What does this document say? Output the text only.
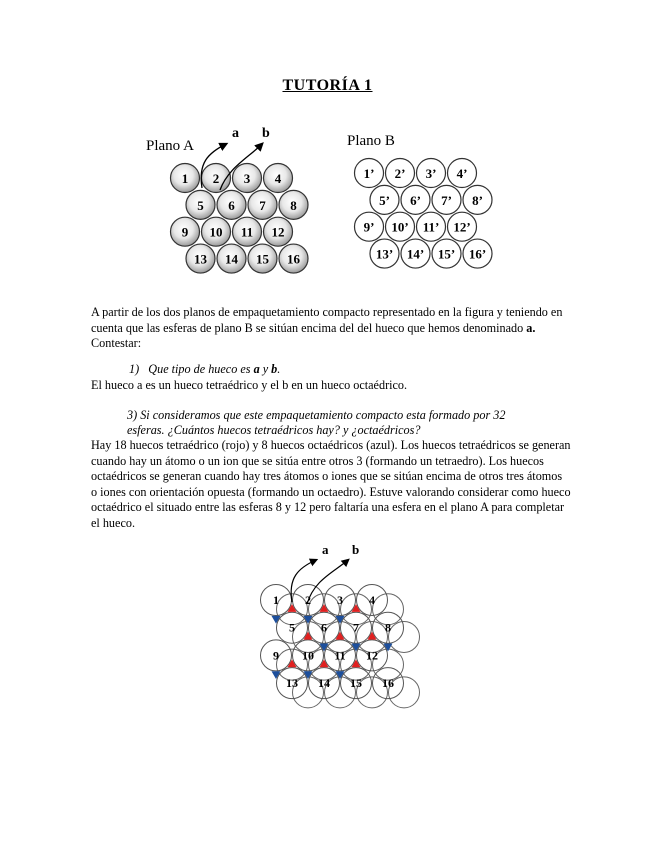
TUTORÍA 1
Plano A	Plano B
1 2 3 4
5 6 7 8
9 10 11 12
13 14 15 16
1’ 2’ 3’ 4’
5’ 6’ 7’ 8’
9’ 10’ 11’ 12’
13’ 14’ 15’ 16’
a b
A partir de los dos planos de empaquetamiento compacto representado en la figura y teniendo en cuenta que las esferas de plano B se sitúan encima del del hueco que hemos denominado a. Contestar:
1) Que tipo de hueco es a y b.
El hueco a es un hueco tetraédrico y el b en un hueco octaédrico.
3) Si consideramos que este empaquetamiento compacto esta formado por 32
esferas. ¿Cuántos huecos tetraédricos hay? y ¿octaédricos?
Hay 18 huecos tetraédrico (rojo) y 8 huecos octaédricos (azul). Los huecos tetraédricos se generan cuando hay un átomo o un ion que se sitúa entre otros 3 (formando un tetraedro). Los huecos octaédricos se generan cuando hay tres átomos o iones que se sitúan encima de otros tres átomos o iones con orientación opuesta (formando un octaedro). Estuve valorando considerar como hueco octaédrico el situado entre las esferas 8 y 12 pero faltaría una esfera en el plano A para completar el hueco.
1 2 3 4
5 6 7 8
9 10 11 12
13 14 15 16
a b
